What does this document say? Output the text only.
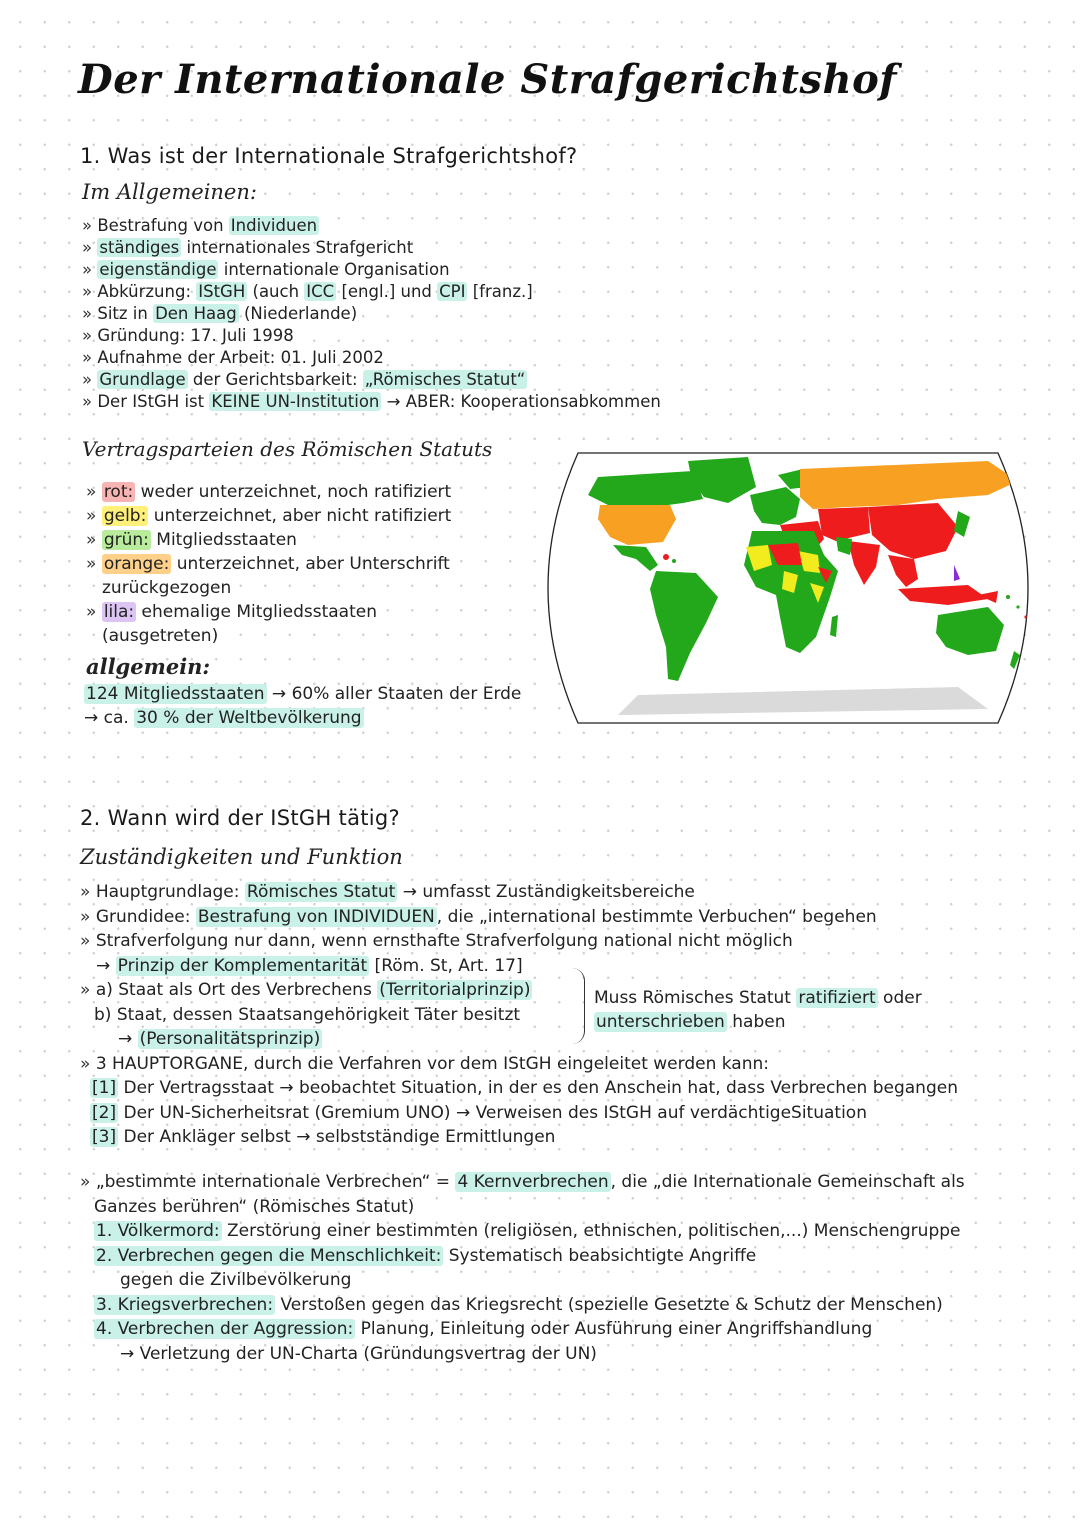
Der Internationale Strafgerichtshof
1. Was ist der Internationale Strafgerichtshof?
Im Allgemeinen:
» Bestrafung von Individuen
» ständiges internationales Strafgericht
» eigenständige internationale Organisation
» Abkürzung: IStGH (auch ICC [engl.] und CPI [franz.]
» Sitz in Den Haag (Niederlande)
» Gründung: 17. Juli 1998
» Aufnahme der Arbeit: 01. Juli 2002
» Grundlage der Gerichtsbarkeit: „Römisches Statut“
» Der IStGH ist KEINE UN-Institution → ABER: Kooperationsabkommen
Vertragsparteien des Römischen Statuts
» rot: weder unterzeichnet, noch ratifiziert
» gelb: unterzeichnet, aber nicht ratifiziert
» grün: Mitgliedsstaaten
» orange: unterzeichnet, aber Unterschrift
zurückgezogen
» lila: ehemalige Mitgliedsstaaten
(ausgetreten)
allgemein:
124 Mitgliedsstaaten → 60% aller Staaten der Erde
→ ca. 30 % der Weltbevölkerung
2. Wann wird der IStGH tätig?
Zuständigkeiten und Funktion
» Hauptgrundlage: Römisches Statut → umfasst Zuständigkeitsbereiche
» Grundidee: Bestrafung von INDIVIDUEN , die „international bestimmte Verbuchen“ begehen
» Strafverfolgung nur dann, wenn ernsthafte Strafverfolgung national nicht möglich
→ Prinzip der Komplementarität [Röm. St, Art. 17]
» a) Staat als Ort des Verbrechens (Territorialprinzip)
b) Staat, dessen Staatsangehörigkeit Täter besitzt
→ (Personalitätsprinzip)
» 3 HAUPTORGANE, durch die Verfahren vor dem IStGH eingeleitet werden kann:
[1] Der Vertragsstaat → beobachtet Situation, in der es den Anschein hat, dass Verbrechen begangen
[2] Der UN-Sicherheitsrat (Gremium UNO) → Verweisen des IStGH auf verdächtigeSituation
[3] Der Ankläger selbst → selbstständige Ermittlungen
Muss Römisches Statut ratifiziert oder
unterschrieben haben
» „bestimmte internationale Verbrechen“ = 4 Kernverbrechen , die „die Internationale Gemeinschaft als
Ganzes berühren“ (Römisches Statut)
1. Völkermord: Zerstörung einer bestimmten (religiösen, ethnischen, politischen,...) Menschengruppe
2. Verbrechen gegen die Menschlichkeit: Systematisch beabsichtigte Angriffe
gegen die Zivilbevölkerung
3. Kriegsverbrechen: Verstoßen gegen das Kriegsrecht (spezielle Gesetzte & Schutz der Menschen)
4. Verbrechen der Aggression: Planung, Einleitung oder Ausführung einer Angriffshandlung
→ Verletzung der UN-Charta (Gründungsvertrag der UN)
